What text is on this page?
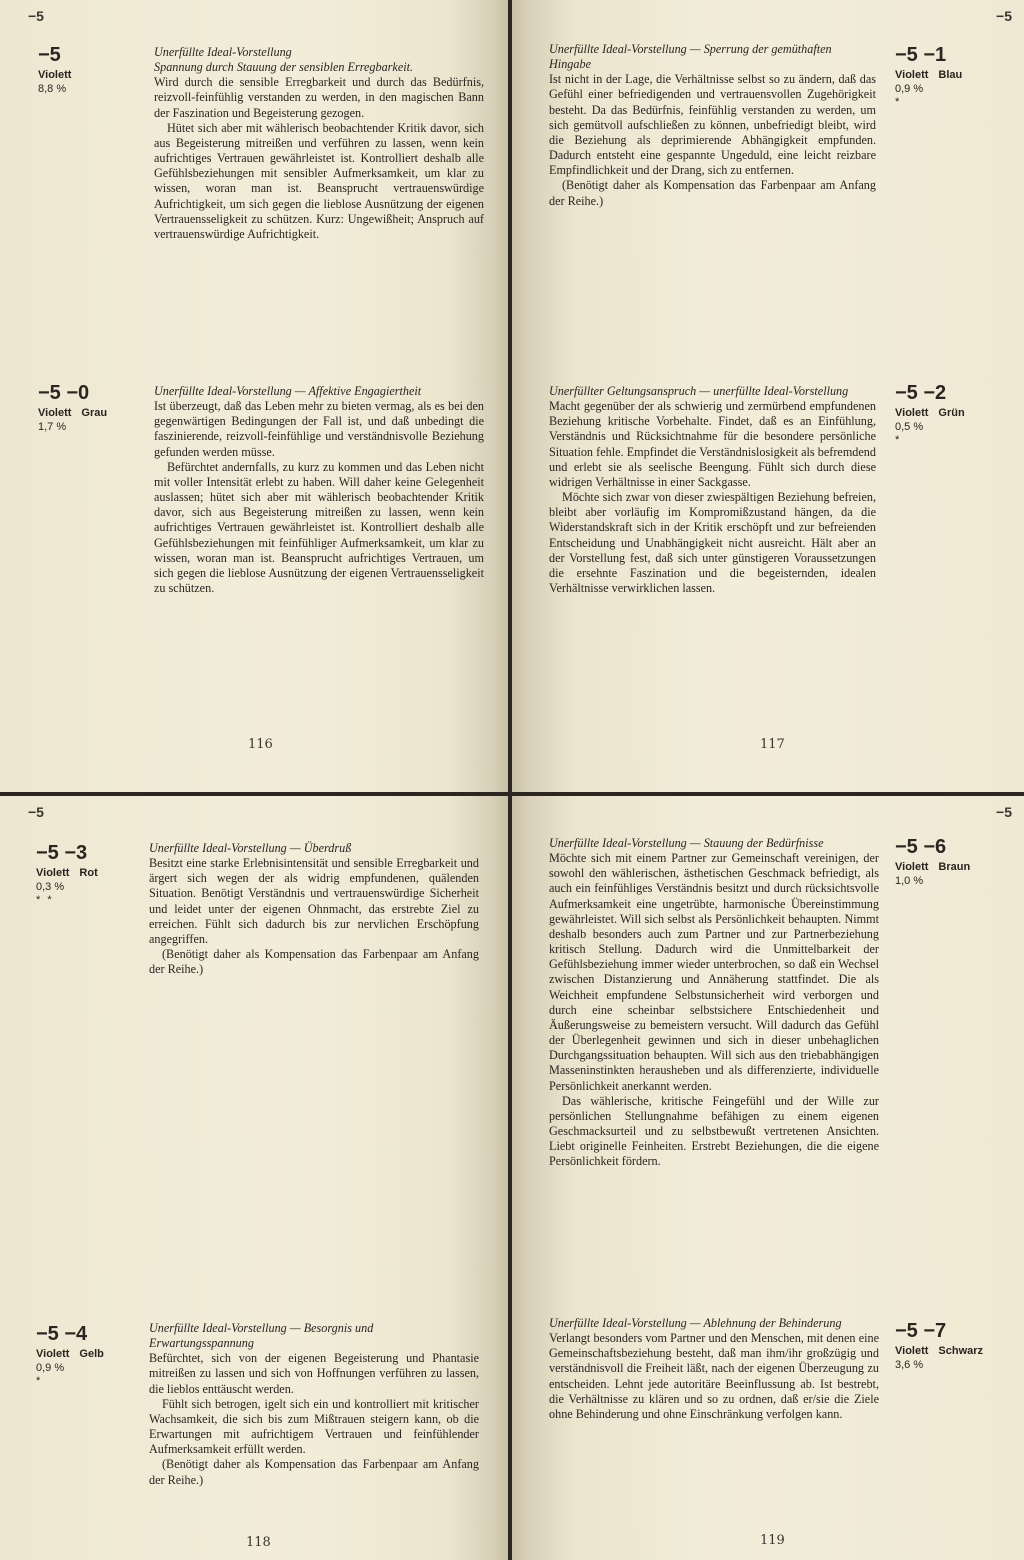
−5
−5
Violett
8,8 %
Unerfüllte Ideal-Vorstellung
Spannung durch Stauung der sensiblen Erregbarkeit.

Wird durch die sensible Erregbarkeit und durch das Bedürfnis, reizvoll-feinfühlig verstanden zu werden, in den magischen Bann der Faszination und Begeisterung gezogen.

Hütet sich aber mit wählerisch beobachtender Kritik davor, sich aus Begeisterung mitreißen und verführen zu lassen, wenn kein aufrichtiges Vertrauen gewährleistet ist. Kontrolliert deshalb alle Gefühlsbeziehungen mit sensibler Aufmerksamkeit, um klar zu wissen, woran man ist. Beansprucht vertrauenswürdige Aufrichtigkeit, um sich gegen die lieblose Ausnützung der eigenen Vertrauensseligkeit zu schützen. Kurz: Ungewißheit; Anspruch auf vertrauenswürdige Aufrichtigkeit.

−5 −0
Violett Grau
1,7 %
Unerfüllte Ideal-Vorstellung — Affektive Engagiertheit

Ist überzeugt, daß das Leben mehr zu bieten vermag, als es bei den gegenwärtigen Bedingungen der Fall ist, und daß unbedingt die faszinierende, reizvoll-feinfühlige und verständnisvolle Beziehung gefunden werden müsse.

Befürchtet andernfalls, zu kurz zu kommen und das Leben nicht mit voller Intensität erlebt zu haben. Will daher keine Gelegenheit auslassen; hütet sich aber mit wählerisch beobachtender Kritik davor, sich aus Begeisterung mitreißen zu lassen, wenn kein aufrichtiges Vertrauen gewährleistet ist. Kontrolliert deshalb alle Gefühlsbeziehungen mit feinfühliger Aufmerksamkeit, um klar zu wissen, woran man ist. Beansprucht aufrichtiges Vertrauen, um sich gegen die lieblose Ausnützung der eigenen Vertrauensseligkeit zu schützen.

116
−5
Unerfüllte Ideal-Vorstellung — Sperrung der gemüthaften Hingabe

Ist nicht in der Lage, die Verhältnisse selbst so zu ändern, daß das Gefühl einer befriedigenden und vertrauensvollen Zugehörigkeit besteht. Da das Bedürfnis, feinfühlig verstanden zu werden, um sich gemütvoll aufschließen zu können, unbefriedigt bleibt, wird die Beziehung als deprimierende Abhängigkeit empfunden. Dadurch entsteht eine gespannte Ungeduld, eine leicht reizbare Empfindlichkeit und der Drang, sich zu entfernen.

(Benötigt daher als Kompensation das Farbenpaar am Anfang der Reihe.)

−5 −1
Violett Blau
0,9 %
*
Unerfüllter Geltungsanspruch — unerfüllte Ideal-Vorstellung

Macht gegenüber der als schwierig und zermürbend empfundenen Beziehung kritische Vorbehalte. Findet, daß es an Einfühlung, Verständnis und Rücksichtnahme für die besondere persönliche Situation fehle. Empfindet die Verständnislosigkeit als befremdend und erlebt sie als seelische Beengung. Fühlt sich durch diese widrigen Verhältnisse in einer Sackgasse.

Möchte sich zwar von dieser zwiespältigen Beziehung befreien, bleibt aber vorläufig im Kompromißzustand hängen, da die Widerstandskraft sich in der Kritik erschöpft und zur befreienden Entscheidung und Unabhängigkeit nicht ausreicht. Hält aber an der Vorstellung fest, daß sich unter günstigeren Voraussetzungen die ersehnte Faszination und die begeisternden, idealen Verhältnisse verwirklichen lassen.

−5 −2
Violett Grün
0,5 %
*
117
−5
−5 −3
Violett Rot
0,3 %
* *
Unerfüllte Ideal-Vorstellung — Überdruß

Besitzt eine starke Erlebnisintensität und sensible Erregbarkeit und ärgert sich wegen der als widrig empfundenen, quälenden Situation. Benötigt Verständnis und vertrauenswürdige Sicherheit und leidet unter der eigenen Ohnmacht, das erstrebte Ziel zu erreichen. Fühlt sich dadurch bis zur nervlichen Erschöpfung angegriffen.

(Benötigt daher als Kompensation das Farbenpaar am Anfang der Reihe.)

−5 −4
Violett Gelb
0,9 %
*
Unerfüllte Ideal-Vorstellung — Besorgnis und Erwartungsspannung

Befürchtet, sich von der eigenen Begeisterung und Phantasie mitreißen zu lassen und sich von Hoffnungen verführen zu lassen, die lieblos enttäuscht werden.

Fühlt sich betrogen, igelt sich ein und kontrolliert mit kritischer Wachsamkeit, die sich bis zum Mißtrauen steigern kann, ob die Erwartungen mit aufrichtigem Vertrauen und feinfühlender Aufmerksamkeit erfüllt werden.

(Benötigt daher als Kompensation das Farbenpaar am Anfang der Reihe.)

118
−5
Unerfüllte Ideal-Vorstellung — Stauung der Bedürfnisse

Möchte sich mit einem Partner zur Gemeinschaft vereinigen, der sowohl den wählerischen, ästhetischen Geschmack befriedigt, als auch ein feinfühliges Verständnis besitzt und durch rücksichtsvolle Aufmerksamkeit eine ungetrübte, harmonische Übereinstimmung gewährleistet. Will sich selbst als Persönlichkeit behaupten. Nimmt deshalb besonders auch zum Partner und zur Partnerbeziehung kritisch Stellung. Dadurch wird die Unmittelbarkeit der Gefühlsbeziehung immer wieder unterbrochen, so daß ein Wechsel zwischen Distanzierung und Annäherung stattfindet. Die als Weichheit empfundene Selbstunsicherheit wird verborgen und durch eine scheinbar selbstsichere Entschiedenheit und Äußerungsweise zu bemeistern versucht. Will dadurch das Gefühl der Überlegenheit gewinnen und sich in dieser unbehaglichen Durchgangssituation behaupten. Will sich aus den triebabhängigen Masseninstinkten herausheben und als differenzierte, individuelle Persönlichkeit anerkannt werden.

Das wählerische, kritische Feingefühl und der Wille zur persönlichen Stellungnahme befähigen zu einem eigenen Geschmacksurteil und zu selbstbewußt vertretenen Ansichten. Liebt originelle Feinheiten. Erstrebt Beziehungen, die die eigene Persönlichkeit fördern.

−5 −6
Violett Braun
1,0 %
Unerfüllte Ideal-Vorstellung — Ablehnung der Behinderung

Verlangt besonders vom Partner und den Menschen, mit denen eine Gemeinschaftsbeziehung besteht, daß man ihm/ihr großzügig und verständnisvoll die Freiheit läßt, nach der eigenen Überzeugung zu entscheiden. Lehnt jede autoritäre Beeinflussung ab. Ist bestrebt, die Verhältnisse zu klären und so zu ordnen, daß er/sie die Ziele ohne Behinderung und ohne Einschränkung verfolgen kann.

−5 −7
Violett Schwarz
3,6 %
119
